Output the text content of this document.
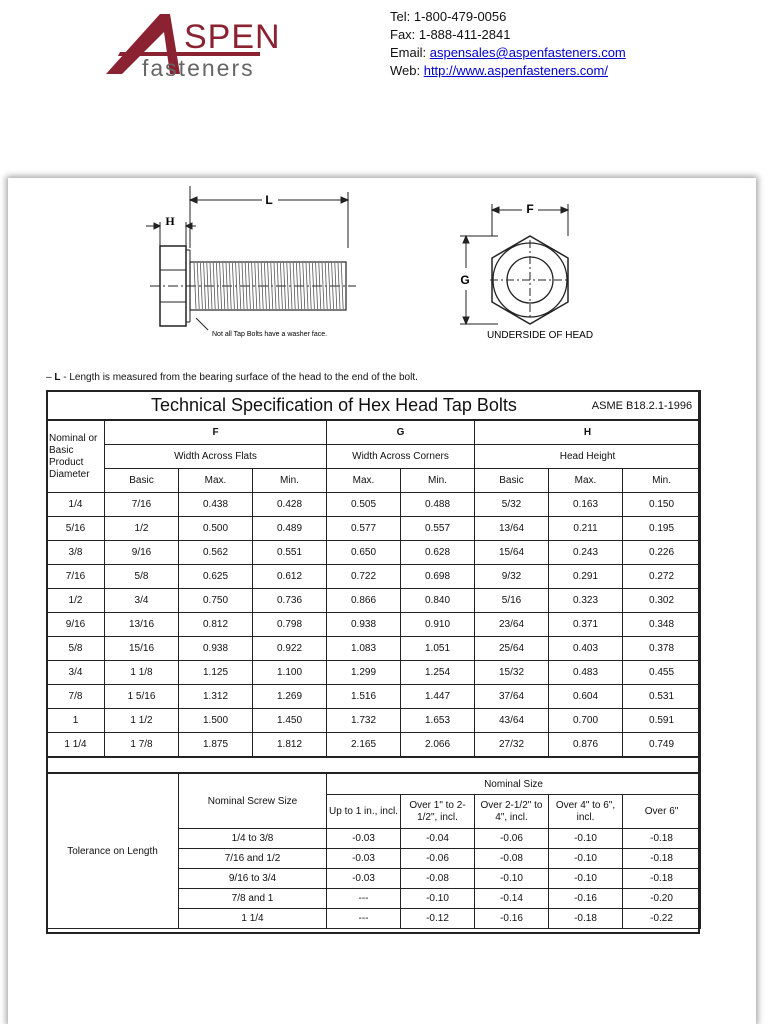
SPEN
fasteners
Tel: 1-800-479-0056
Fax: 1-888-411-2841
Email: aspensales@aspenfasteners.com
Web: http://www.aspenfasteners.com/
H
L
Not all Tap Bolts have a washer face.
F
G
UNDERSIDE OF HEAD
– L - Length is measured from the bearing surface of the head to the end of the bolt.
Technical Specification of Hex Head Tap Bolts ASME B18.2.1-1996								

Nominal or Basic Product Diameter	F			G		H		
	Width Across Flats			Width Across Corners		Head Height		
	Basic	Max.	Min.	Max.	Min.	Basic	Max.	Min.
1/4	7/16	0.438	0.428	0.505	0.488	5/32	0.163	0.150
5/16	1/2	0.500	0.489	0.577	0.557	13/64	0.211	0.195
3/8	9/16	0.562	0.551	0.650	0.628	15/64	0.243	0.226
7/16	5/8	0.625	0.612	0.722	0.698	9/32	0.291	0.272
1/2	3/4	0.750	0.736	0.866	0.840	5/16	0.323	0.302
9/16	13/16	0.812	0.798	0.938	0.910	23/64	0.371	0.348
5/8	15/16	0.938	0.922	1.083	1.051	25/64	0.403	0.378
3/4	1 1/8	1.125	1.100	1.299	1.254	15/32	0.483	0.455
7/8	1 5/16	1.312	1.269	1.516	1.447	37/64	0.604	0.531
1	1 1/2	1.500	1.450	1.732	1.653	43/64	0.700	0.591
1 1/4	1 7/8	1.875	1.812	2.165	2.066	27/32	0.876	0.749

Tolerance on Length		Nominal Screw Size		Nominal Size				
				Up to 1 in., incl.	Over 1" to 2-1/2", incl.	Over 2-1/2" to 4", incl.	Over 4" to 6", incl.	Over 6"
		1/4 to 3/8		-0.03	-0.04	-0.06	-0.10	-0.18
		7/16 and 1/2		-0.03	-0.06	-0.08	-0.10	-0.18
		9/16 to 3/4		-0.03	-0.08	-0.10	-0.10	-0.18
		7/8 and 1		---	-0.10	-0.14	-0.16	-0.20
		1 1/4		---	-0.12	-0.16	-0.18	-0.22
